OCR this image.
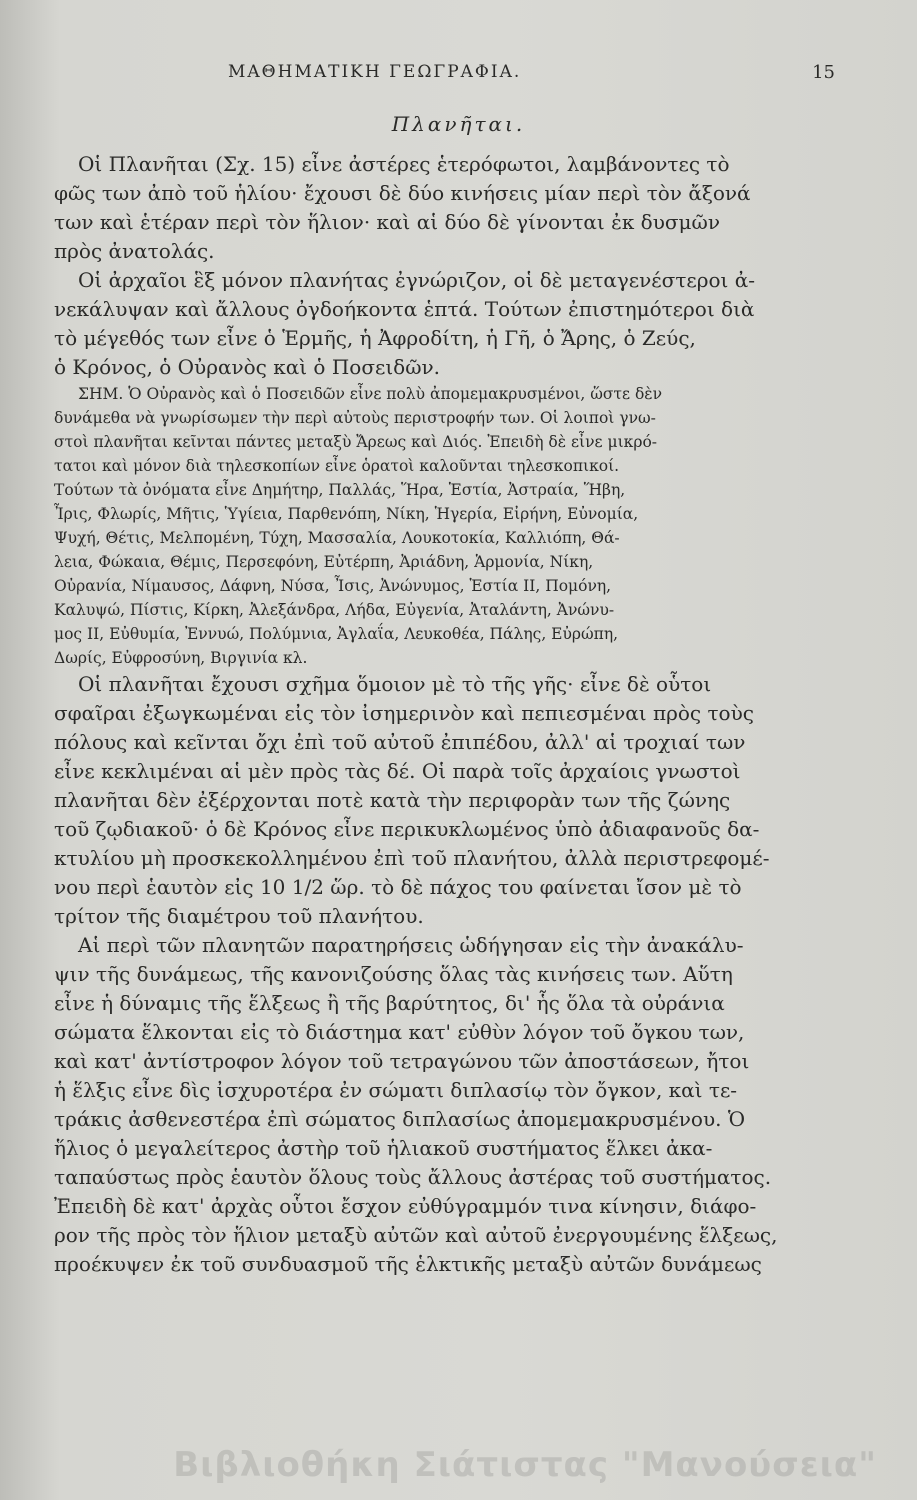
ΜΑΘΗΜΑΤΙΚΗ ΓΕΩΓΡΑΦΙΑ.	15
Πλανῆται.
Οἱ Πλανῆται (Σχ. 15) εἶνε ἀστέρες ἑτερόφωτοι, λαμβάνοντες τὸ
φῶς των ἀπὸ τοῦ ἡλίου· ἔχουσι δὲ δύο κινήσεις μίαν περὶ τὸν ἄξονά
των καὶ ἑτέραν περὶ τὸν ἥλιον· καὶ αἱ δύο δὲ γίνονται ἐκ δυσμῶν
πρὸς ἀνατολάς.
Οἱ ἀρχαῖοι ἓξ μόνον πλανήτας ἐγνώριζον, οἱ δὲ μεταγενέστεροι ἀ-
νεκάλυψαν καὶ ἄλλους ὀγδοήκοντα ἑπτά. Τούτων ἐπιστημότεροι διὰ
τὸ μέγεθός των εἶνε ὁ Ἑρμῆς, ἡ Ἀφροδίτη, ἡ Γῆ, ὁ Ἄρης, ὁ Ζεύς,
ὁ Κρόνος, ὁ Οὐρανὸς καὶ ὁ Ποσειδῶν.
ΣΗΜ. Ὁ Οὐρανὸς καὶ ὁ Ποσειδῶν εἶνε πολὺ ἀπομεμακρυσμένοι, ὥστε δὲν
δυνάμεθα νὰ γνωρίσωμεν τὴν περὶ αὐτοὺς περιστροφήν των. Οἱ λοιποὶ γνω-
στοὶ πλανῆται κεῖνται πάντες μεταξὺ Ἄρεως καὶ Διός. Ἐπειδὴ δὲ εἶνε μικρό-
τατοι καὶ μόνον διὰ τηλεσκοπίων εἶνε ὁρατοὶ καλοῦνται τηλεσκοπικοί.
Τούτων τὰ ὀνόματα εἶνε Δημήτηρ, Παλλάς, Ἥρα, Ἑστία, Ἀστραία, Ἥβη,
Ἶρις, Φλωρίς, Μῆτις, Ὑγίεια, Παρθενόπη, Νίκη, Ἡγερία, Εἰρήνη, Εὐνομία,
Ψυχή, Θέτις, Μελπομένη, Τύχη, Μασσαλία, Λουκοτοκία, Καλλιόπη, Θά-
λεια, Φώκαια, Θέμις, Περσεφόνη, Εὐτέρπη, Ἀριάδνη, Ἁρμονία, Νίκη,
Οὐρανία, Νίμαυσος, Δάφνη, Νύσα, Ἶσις, Ἀνώνυμος, Ἑστία ΙΙ, Πομόνη,
Καλυψώ, Πίστις, Κίρκη, Ἀλεξάνδρα, Λήδα, Εὐγενία, Ἀταλάντη, Ἀνώνυ-
μος ΙΙ, Εὐθυμία, Ἐννυώ, Πολύμνια, Ἀγλαΐα, Λευκοθέα, Πάλης, Εὐρώπη,
Δωρίς, Εὐφροσύνη, Βιργινία κλ.
Οἱ πλανῆται ἔχουσι σχῆμα ὅμοιον μὲ τὸ τῆς γῆς· εἶνε δὲ οὗτοι
σφαῖραι ἐξωγκωμέναι εἰς τὸν ἰσημερινὸν καὶ πεπιεσμέναι πρὸς τοὺς
πόλους καὶ κεῖνται ὄχι ἐπὶ τοῦ αὐτοῦ ἐπιπέδου, ἀλλ' αἱ τροχιαί των
εἶνε κεκλιμέναι αἱ μὲν πρὸς τὰς δέ. Οἱ παρὰ τοῖς ἀρχαίοις γνωστοὶ
πλανῆται δὲν ἐξέρχονται ποτὲ κατὰ τὴν περιφορὰν των τῆς ζώνης
τοῦ ζῳδιακοῦ· ὁ δὲ Κρόνος εἶνε περικυκλωμένος ὑπὸ ἀδιαφανοῦς δα-
κτυλίου μὴ προσκεκολλημένου ἐπὶ τοῦ πλανήτου, ἀλλὰ περιστρεφομέ-
νου περὶ ἑαυτὸν εἰς 10 1/2 ὥρ. τὸ δὲ πάχος του φαίνεται ἴσον μὲ τὸ
τρίτον τῆς διαμέτρου τοῦ πλανήτου.
Αἱ περὶ τῶν πλανητῶν παρατηρήσεις ὡδήγησαν εἰς τὴν ἀνακάλυ-
ψιν τῆς δυνάμεως, τῆς κανονιζούσης ὅλας τὰς κινήσεις των. Αὕτη
εἶνε ἡ δύναμις τῆς ἕλξεως ἢ τῆς βαρύτητος, δι' ἧς ὅλα τὰ οὐράνια
σώματα ἕλκονται εἰς τὸ διάστημα κατ' εὐθὺν λόγον τοῦ ὄγκου των,
καὶ κατ' ἀντίστροφον λόγον τοῦ τετραγώνου τῶν ἀποστάσεων, ἤτοι
ἡ ἕλξις εἶνε δὶς ἰσχυροτέρα ἐν σώματι διπλασίῳ τὸν ὄγκον, καὶ τε-
τράκις ἀσθενεστέρα ἐπὶ σώματος διπλασίως ἀπομεμακρυσμένου. Ὁ
ἥλιος ὁ μεγαλείτερος ἀστὴρ τοῦ ἡλιακοῦ συστήματος ἕλκει ἀκα-
ταπαύστως πρὸς ἑαυτὸν ὅλους τοὺς ἄλλους ἀστέρας τοῦ συστήματος.
Ἐπειδὴ δὲ κατ' ἀρχὰς οὗτοι ἔσχον εὐθύγραμμόν τινα κίνησιν, διάφο-
ρον τῆς πρὸς τὸν ἥλιον μεταξὺ αὐτῶν καὶ αὐτοῦ ἐνεργουμένης ἕλξεως,
προέκυψεν ἐκ τοῦ συνδυασμοῦ τῆς ἑλκτικῆς μεταξὺ αὐτῶν δυνάμεως
Βιβλιοθήκη Σιάτιστας "Μανούσεια"
